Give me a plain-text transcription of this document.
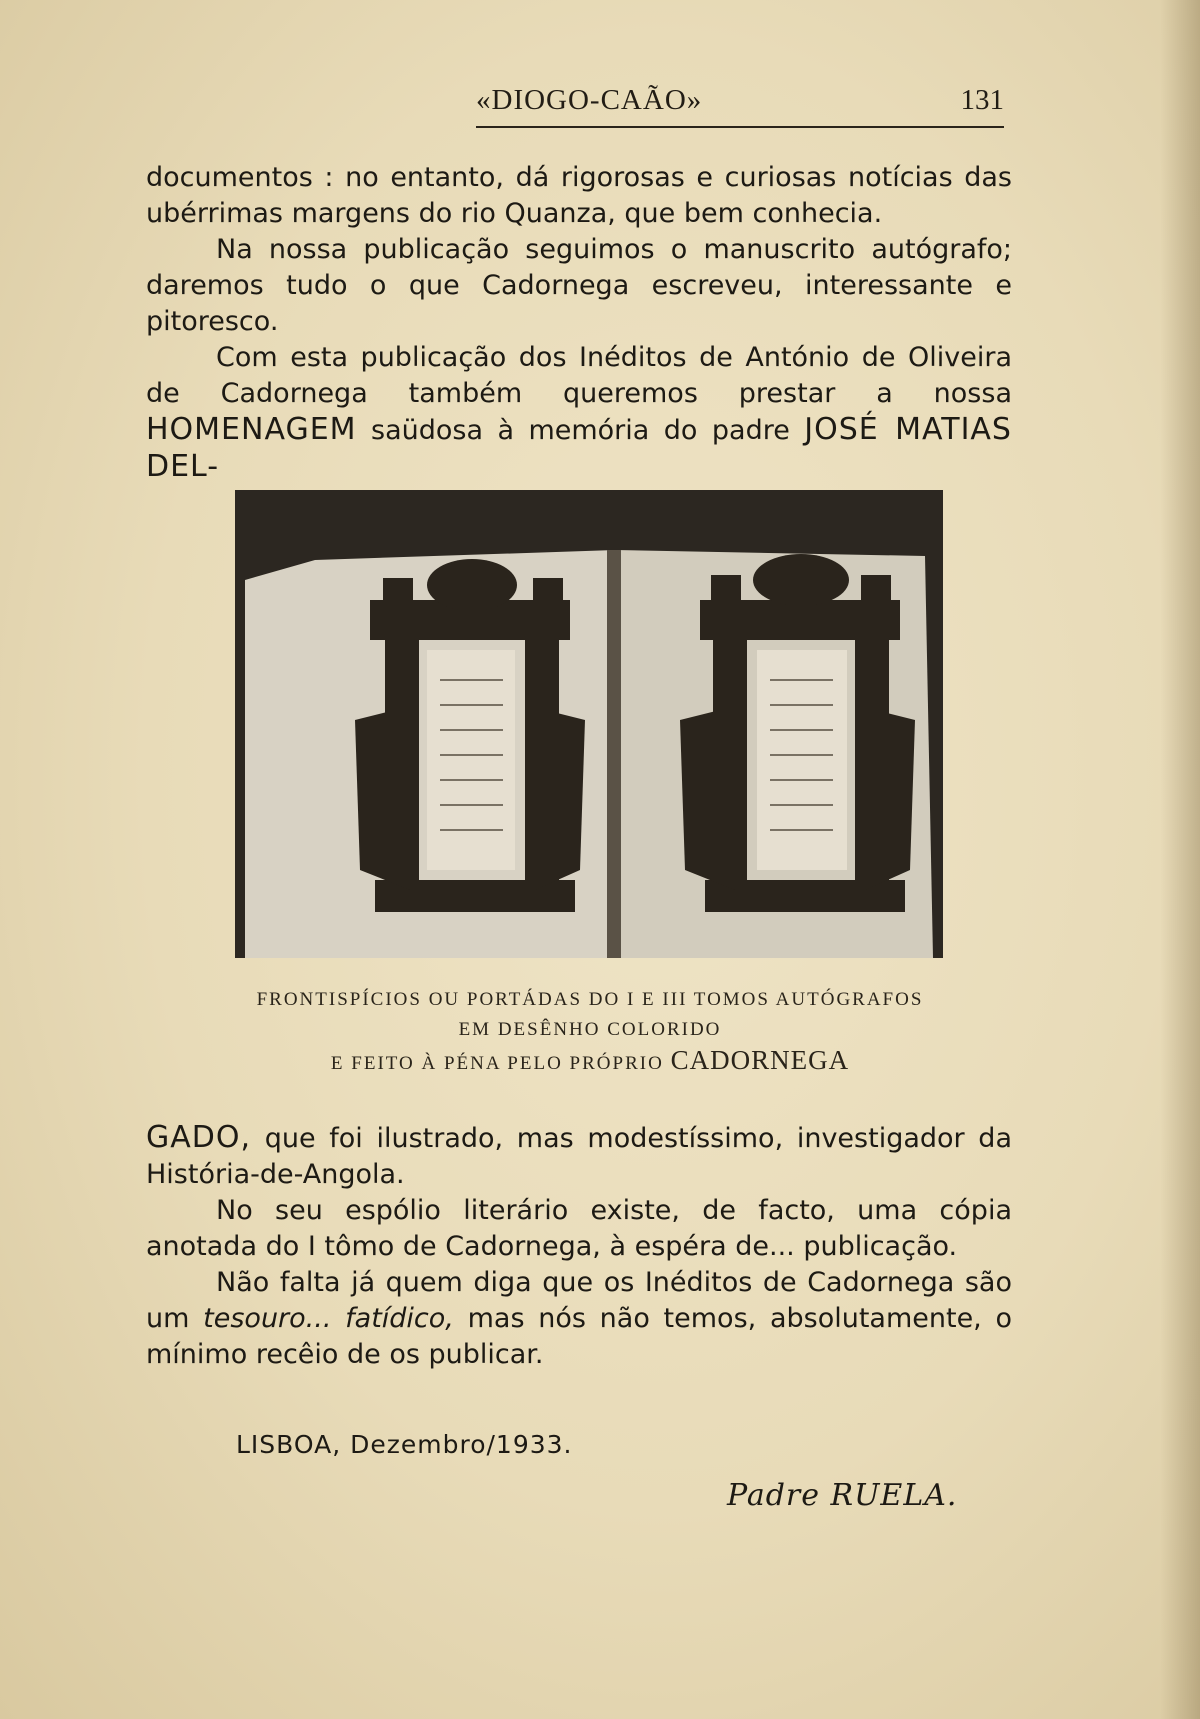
«DIOGO-CAÃO»	131

documentos : no entanto, dá rigorosas e curiosas notícias das ubérrimas margens do rio Quanza, que bem conhecia.

Na nossa publicação seguimos o manuscrito autógrafo; daremos tudo o que Cadornega escreveu, interessante e pitoresco.

Com esta publicação dos Inéditos de António de Oliveira de Cadornega também queremos prestar a nossa HOMENAGEM saüdosa à memória do padre JOSÉ MATIAS DEL-

FRONTISPÍCIOS OU PORTÁDAS DO I E III TOMOS AUTÓGRAFOS
EM DESÊNHO COLORIDO
E FEITO À PÉNA PELO PRÓPRIO CADORNEGA

GADO, que foi ilustrado, mas modestíssimo, investigador da História-de-Angola.

No seu espólio literário existe, de facto, uma cópia anotada do I tômo de Cadornega, à espéra de... publicação.

Não falta já quem diga que os Inéditos de Cadornega são um tesouro... fatídico, mas nós não temos, absolutamente, o mínimo recêio de os publicar.

LISBOA, Dezembro/1933.
Padre RUELA.
